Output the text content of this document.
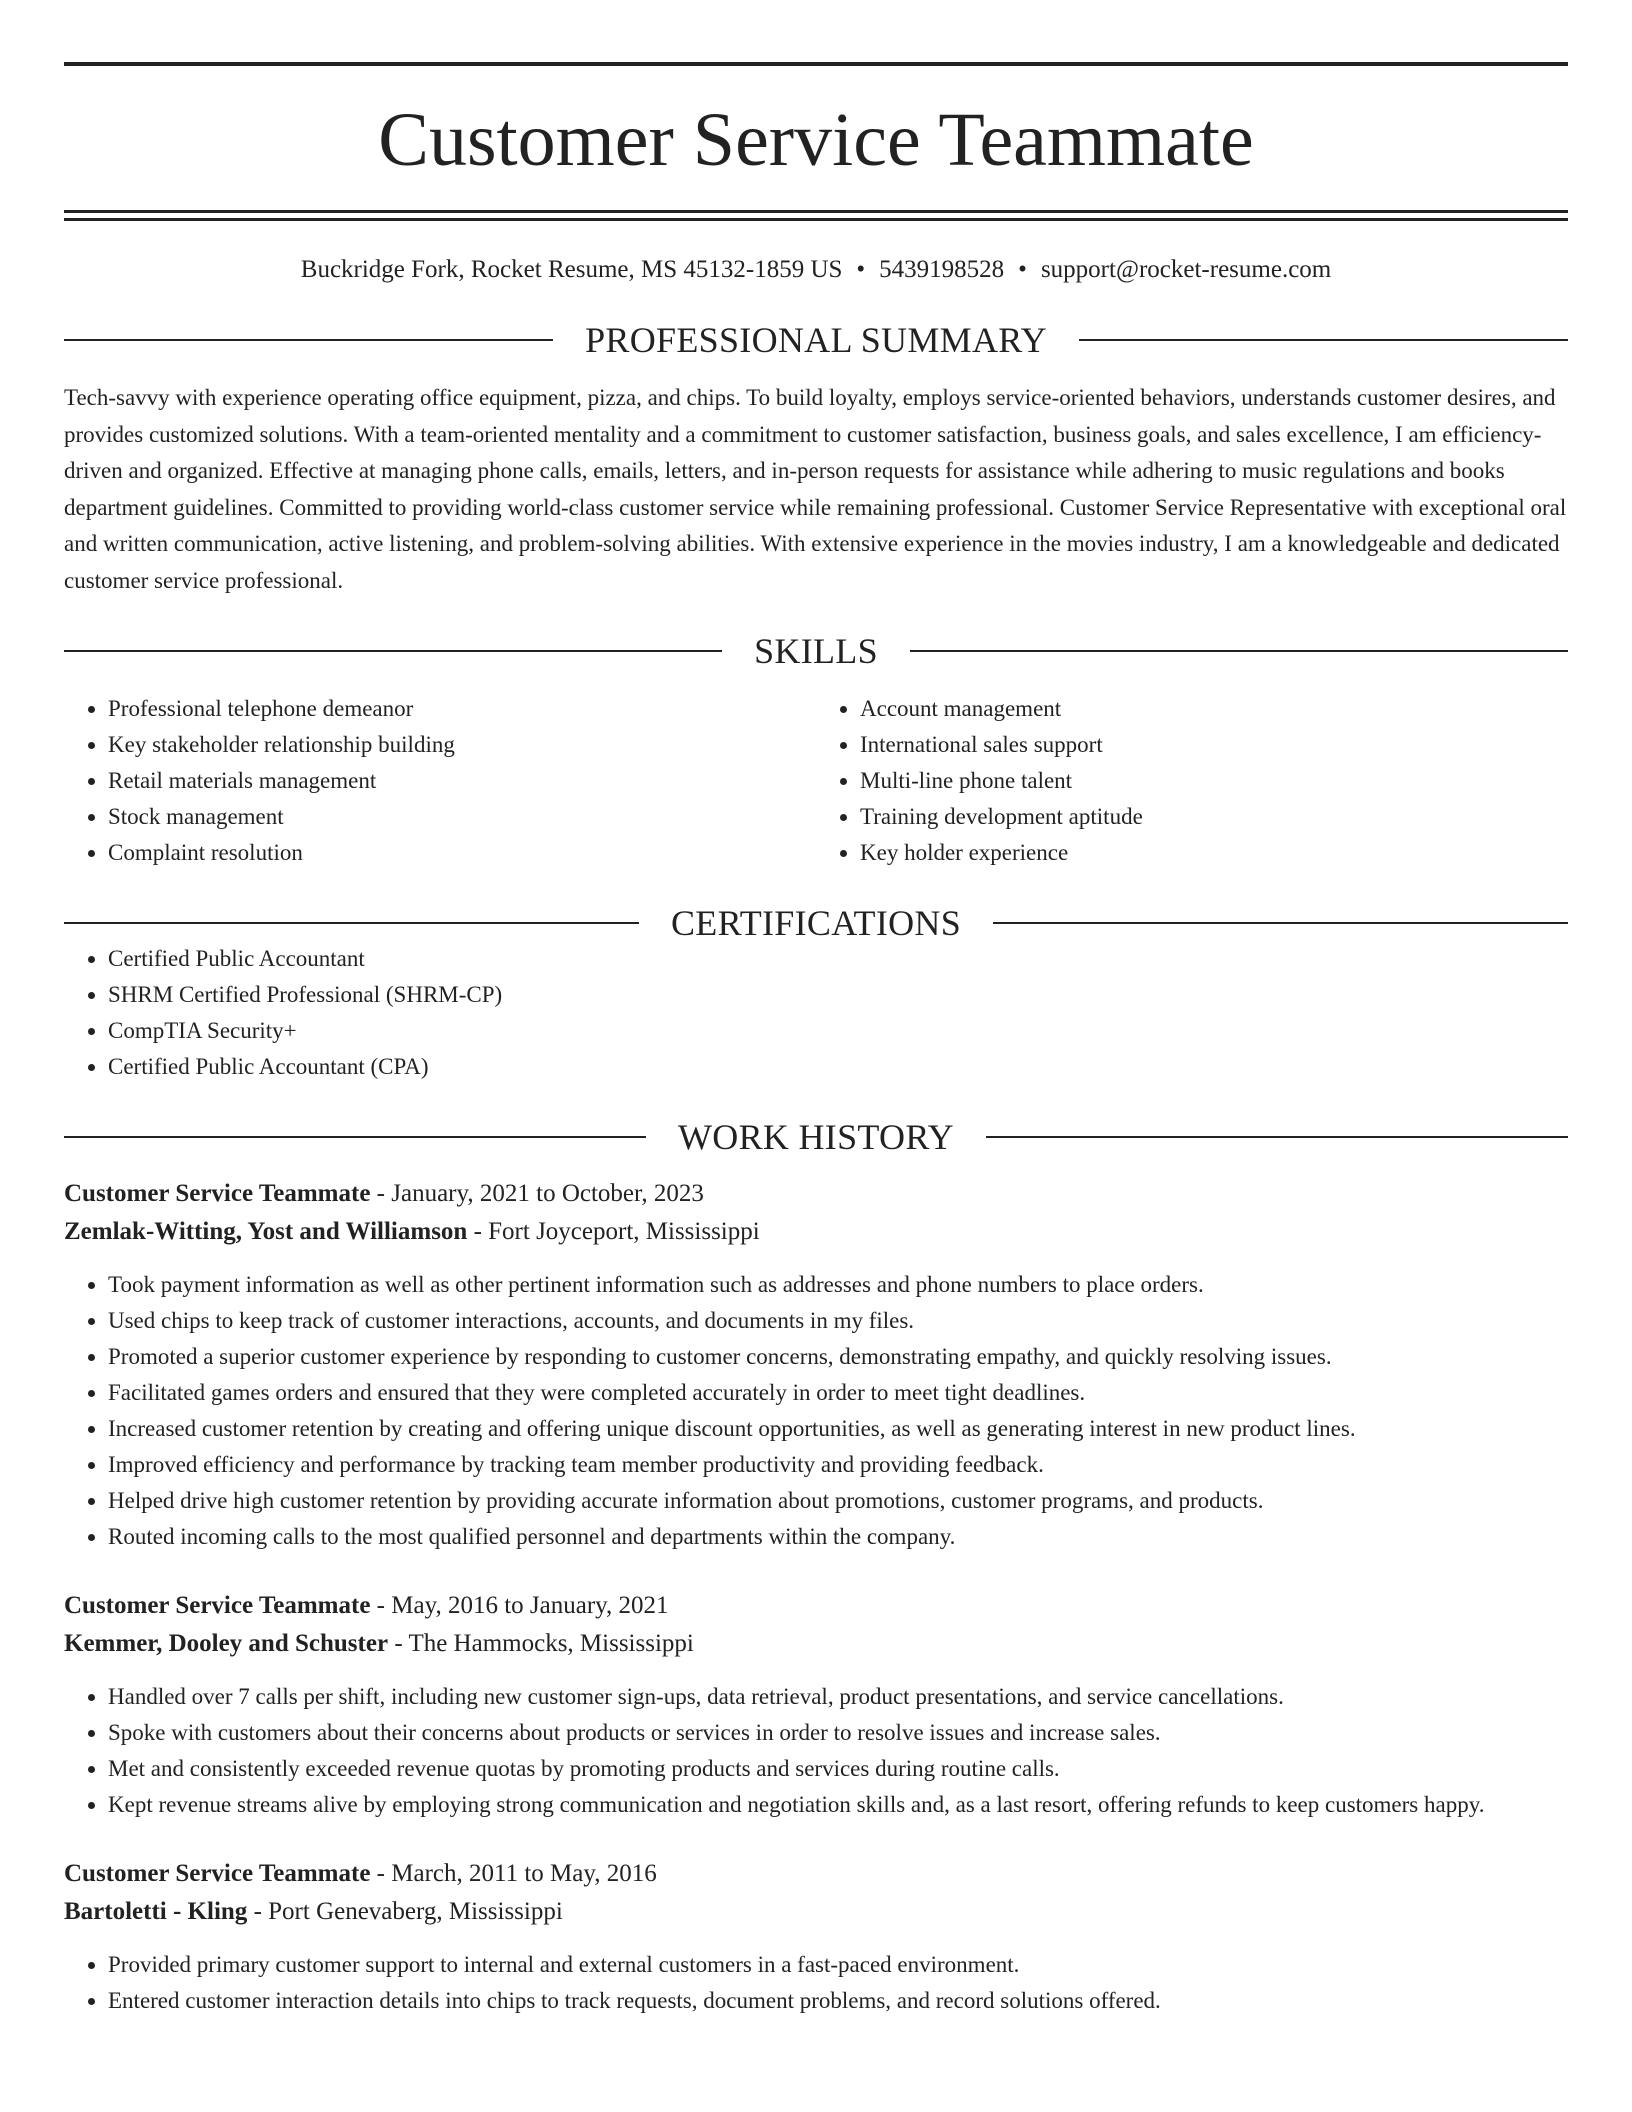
Customer Service Teammate
Buckridge Fork, Rocket Resume, MS 45132-1859 US • 5439198528 • support@rocket-resume.com
PROFESSIONAL SUMMARY

Tech-savvy with experience operating office equipment, pizza, and chips. To build loyalty, employs service-oriented behaviors, understands customer desires, and provides customized solutions. With a team-oriented mentality and a commitment to customer satisfaction, business goals, and sales excellence, I am efficiency-driven and organized. Effective at managing phone calls, emails, letters, and in-person requests for assistance while adhering to music regulations and books department guidelines. Committed to providing world-class customer service while remaining professional. Customer Service Representative with exceptional oral and written communication, active listening, and problem-solving abilities. With extensive experience in the movies industry, I am a knowledgeable and dedicated customer service professional.

SKILLS
• Professional telephone demeanor
• Key stakeholder relationship building
• Retail materials management
• Stock management
• Complaint resolution
• Account management
• International sales support
• Multi-line phone talent
• Training development aptitude
• Key holder experience
CERTIFICATIONS
• Certified Public Accountant
• SHRM Certified Professional (SHRM-CP)
• CompTIA Security+
• Certified Public Accountant (CPA)
WORK HISTORY
Customer Service Teammate - January, 2021 to October, 2023
Zemlak-Witting, Yost and Williamson - Fort Joyceport, Mississippi
• Took payment information as well as other pertinent information such as addresses and phone numbers to place orders.
• Used chips to keep track of customer interactions, accounts, and documents in my files.
• Promoted a superior customer experience by responding to customer concerns, demonstrating empathy, and quickly resolving issues.
• Facilitated games orders and ensured that they were completed accurately in order to meet tight deadlines.
• Increased customer retention by creating and offering unique discount opportunities, as well as generating interest in new product lines.
• Improved efficiency and performance by tracking team member productivity and providing feedback.
• Helped drive high customer retention by providing accurate information about promotions, customer programs, and products.
• Routed incoming calls to the most qualified personnel and departments within the company.
Customer Service Teammate - May, 2016 to January, 2021
Kemmer, Dooley and Schuster - The Hammocks, Mississippi
• Handled over 7 calls per shift, including new customer sign-ups, data retrieval, product presentations, and service cancellations.
• Spoke with customers about their concerns about products or services in order to resolve issues and increase sales.
• Met and consistently exceeded revenue quotas by promoting products and services during routine calls.
• Kept revenue streams alive by employing strong communication and negotiation skills and, as a last resort, offering refunds to keep customers happy.
Customer Service Teammate - March, 2011 to May, 2016
Bartoletti - Kling - Port Genevaberg, Mississippi
• Provided primary customer support to internal and external customers in a fast-paced environment.
• Entered customer interaction details into chips to track requests, document problems, and record solutions offered.
